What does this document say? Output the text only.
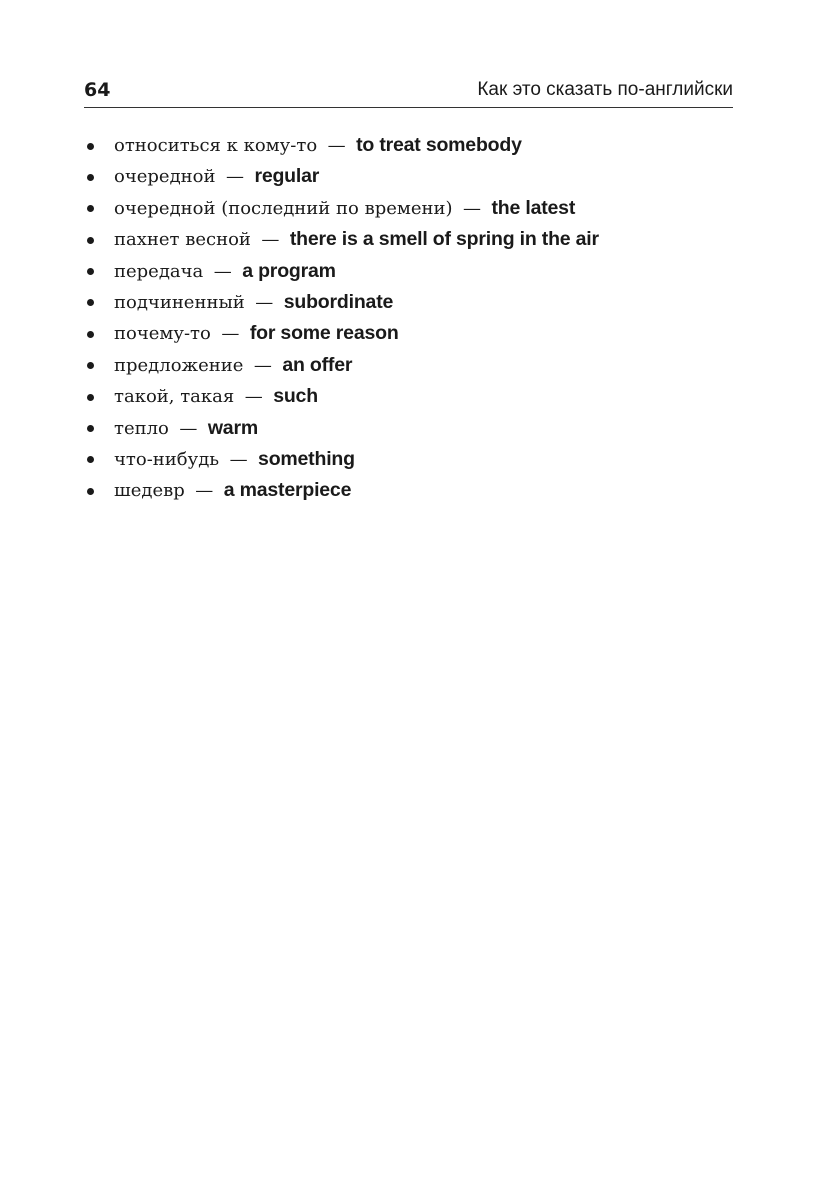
64	Как это сказать по-английски
относиться к кому-то  —  to treat somebody
очередной  —  regular
очередной (последний по времени)  —  the latest
пахнет весной  —  there is a smell of spring in the air
передача  —  a program
подчиненный  —  subordinate
почему-то  —  for some reason
предложение  —  an offer
такой, такая  —  such
тепло  —  warm
что-нибудь  —  something
шедевр  —  a masterpiece
